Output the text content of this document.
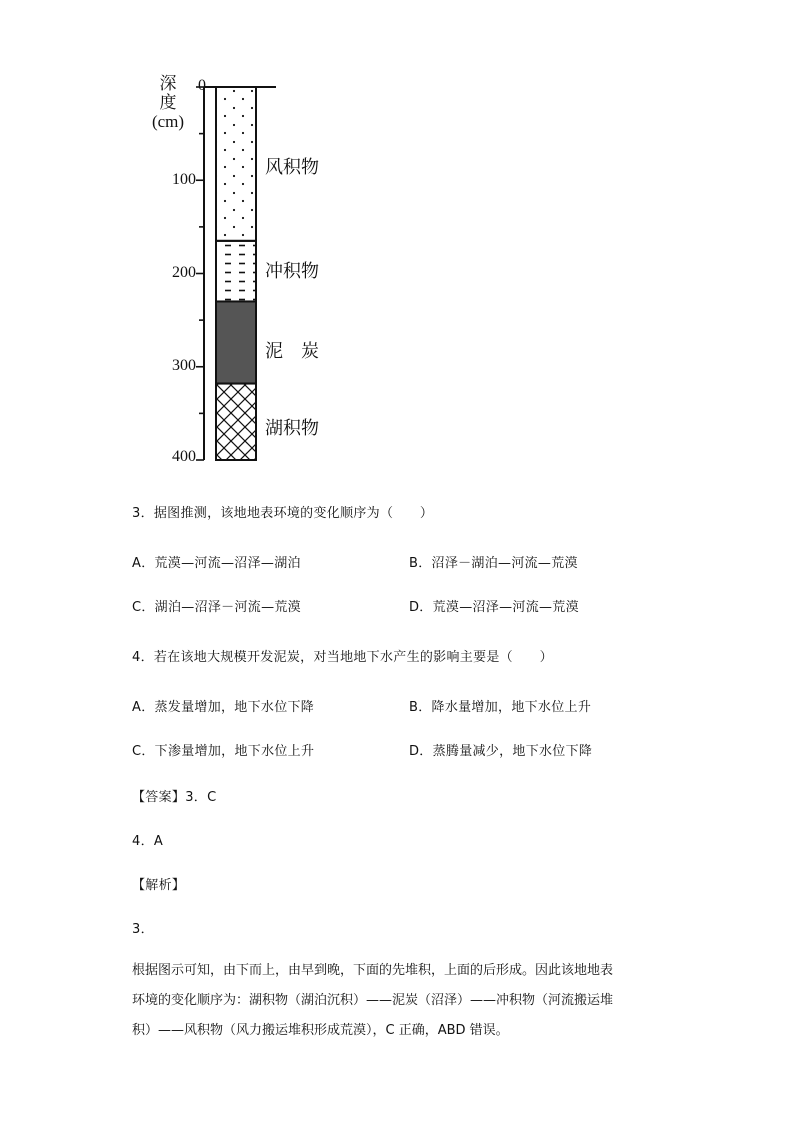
深
度
(cm)
0
100
200
300
400
风积物
冲积物
泥　炭
湖积物
3．据图推测，该地地表环境的变化顺序为（　　）
A．荒漠—河流—沼泽—湖泊	B．沼泽－湖泊—河流—荒漠
C．湖泊—沼泽－河流—荒漠	D．荒漠—沼泽—河流—荒漠
4．若在该地大规模开发泥炭，对当地地下水产生的影响主要是（　　）
A．蒸发量增加，地下水位下降	B．降水量增加，地下水位上升
C．下渗量增加，地下水位上升	D．蒸腾量减少，地下水位下降
【答案】3．C
4．A
【解析】
3．
根据图示可知，由下而上，由早到晚，下面的先堆积，上面的后形成。因此该地地表
环境的变化顺序为：湖积物（湖泊沉积）——泥炭（沼泽）——冲积物（河流搬运堆
积）——风积物（风力搬运堆积形成荒漠），C 正确，ABD 错误。
